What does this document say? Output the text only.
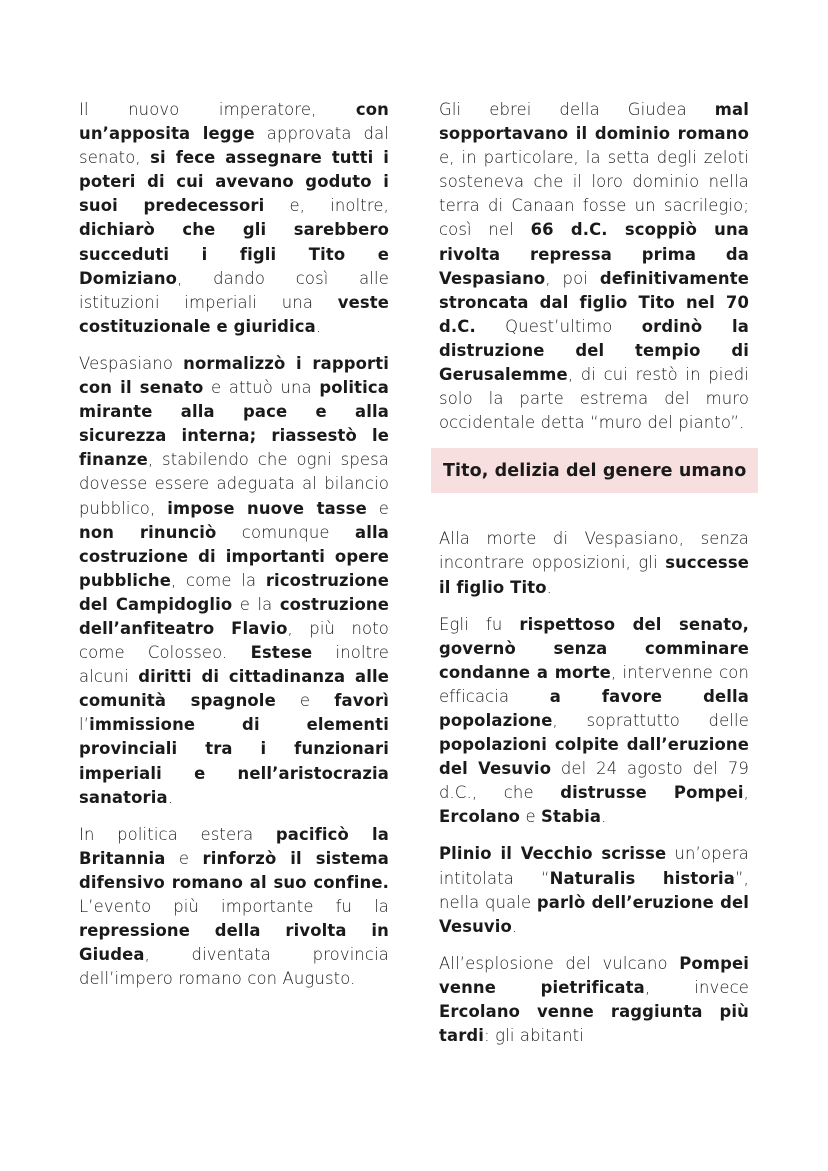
Il nuovo imperatore, con un’apposita legge approvata dal senato, si fece assegnare tutti i poteri di cui avevano goduto i suoi predecessori e, inoltre, dichiarò che gli sarebbero succeduti i figli Tito e Domiziano, dando così alle istituzioni imperiali una veste costituzionale e giuridica.

Vespasiano normalizzò i rapporti con il senato e attuò una politica mirante alla pace e alla sicurezza interna; riassestò le finanze, stabilendo che ogni spesa dovesse essere adeguata al bilancio pubblico, impose nuove tasse e non rinunciò comunque alla costruzione di importanti opere pubbliche, come la ricostruzione del Campidoglio e la costruzione dell’anfiteatro Flavio, più noto come Colosseo. Estese inoltre alcuni diritti di cittadinanza alle comunità spagnole e favorì l’immissione di elementi provinciali tra i funzionari imperiali e nell’aristocrazia sanatoria.

In politica estera pacificò la Britannia e rinforzò il sistema difensivo romano al suo confine. L’evento più importante fu la repressione della rivolta in Giudea, diventata provincia dell’impero romano con Augusto.

Gli ebrei della Giudea mal sopportavano il dominio romano e, in particolare, la setta degli zeloti sosteneva che il loro dominio nella terra di Canaan fosse un sacrilegio; così nel 66 d.C. scoppiò una rivolta repressa prima da Vespasiano, poi definitivamente stroncata dal figlio Tito nel 70 d.C. Quest’ultimo ordinò la distruzione del tempio di Gerusalemme, di cui restò in piedi solo la parte estrema del muro occidentale detta “muro del pianto”.

Tito, delizia del genere umano

Alla morte di Vespasiano, senza incontrare opposizioni, gli successe il figlio Tito.

Egli fu rispettoso del senato, governò senza comminare condanne a morte, intervenne con efficacia a favore della popolazione, soprattutto delle popolazioni colpite dall’eruzione del Vesuvio del 24 agosto del 79 d.C., che distrusse Pompei, Ercolano e Stabia.

Plinio il Vecchio scrisse un’opera intitolata “Naturalis historia”, nella quale parlò dell’eruzione del Vesuvio.

All’esplosione del vulcano Pompei venne pietrificata, invece Ercolano venne raggiunta più tardi: gli abitanti
